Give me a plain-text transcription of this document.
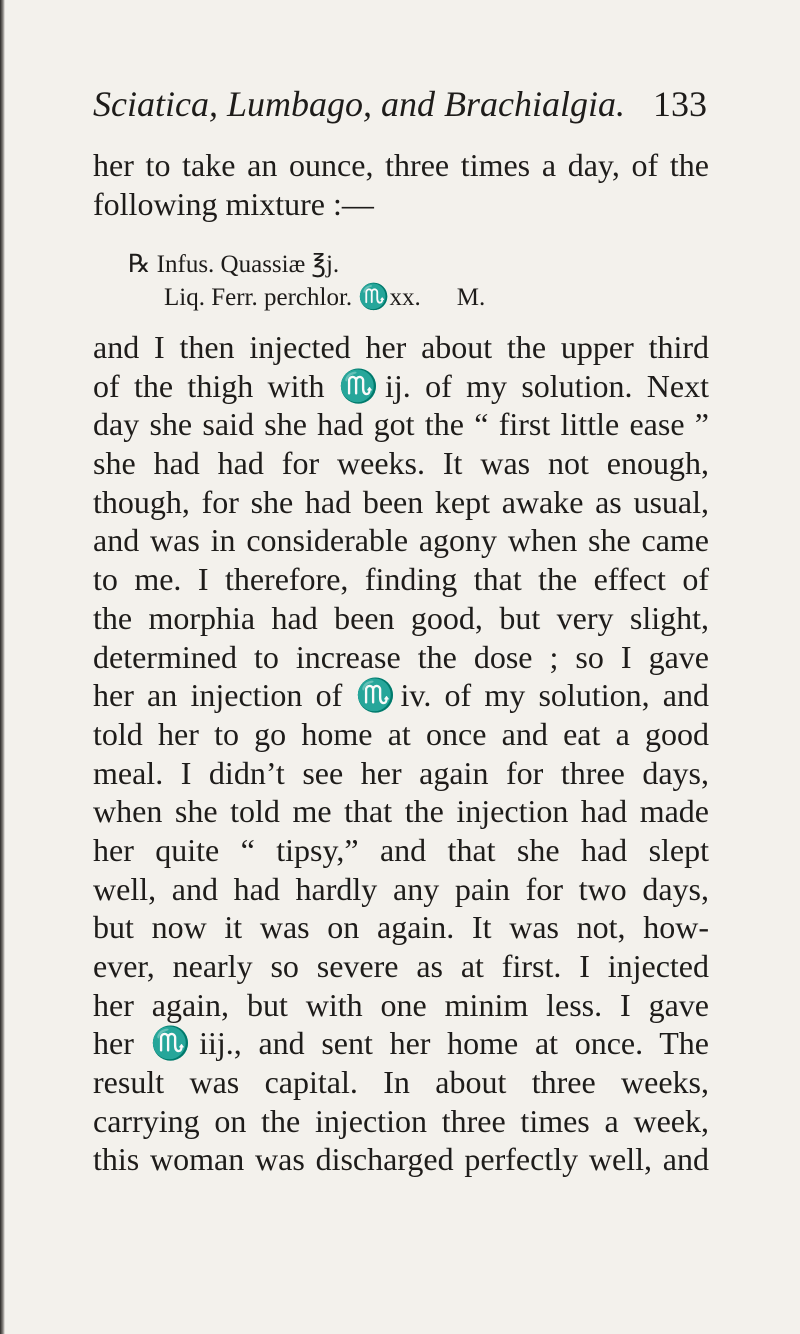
Sciatica, Lumbago, and Brachialgia. 133
her to take an ounce, three times a day, of the
following mixture :—
℞ Infus. Quassiæ ℥j.
Liq. Ferr. perchlor. ♏xx. M.
and I then injected her about the upper third
of the thigh with ♏ij. of my solution. Next
day she said she had got the “ first little ease ”
she had had for weeks. It was not enough,
though, for she had been kept awake as usual,
and was in considerable agony when she came
to me. I therefore, finding that the effect of
the morphia had been good, but very slight,
determined to increase the dose ; so I gave
her an injection of ♏iv. of my solution, and
told her to go home at once and eat a good
meal. I didn’t see her again for three days,
when she told me that the injection had made
her quite “ tipsy,” and that she had slept
well, and had hardly any pain for two days,
but now it was on again. It was not, how-
ever, nearly so severe as at first. I injected
her again, but with one minim less. I gave
her ♏iij., and sent her home at once. The
result was capital. In about three weeks,
carrying on the injection three times a week,
this woman was discharged perfectly well, and
